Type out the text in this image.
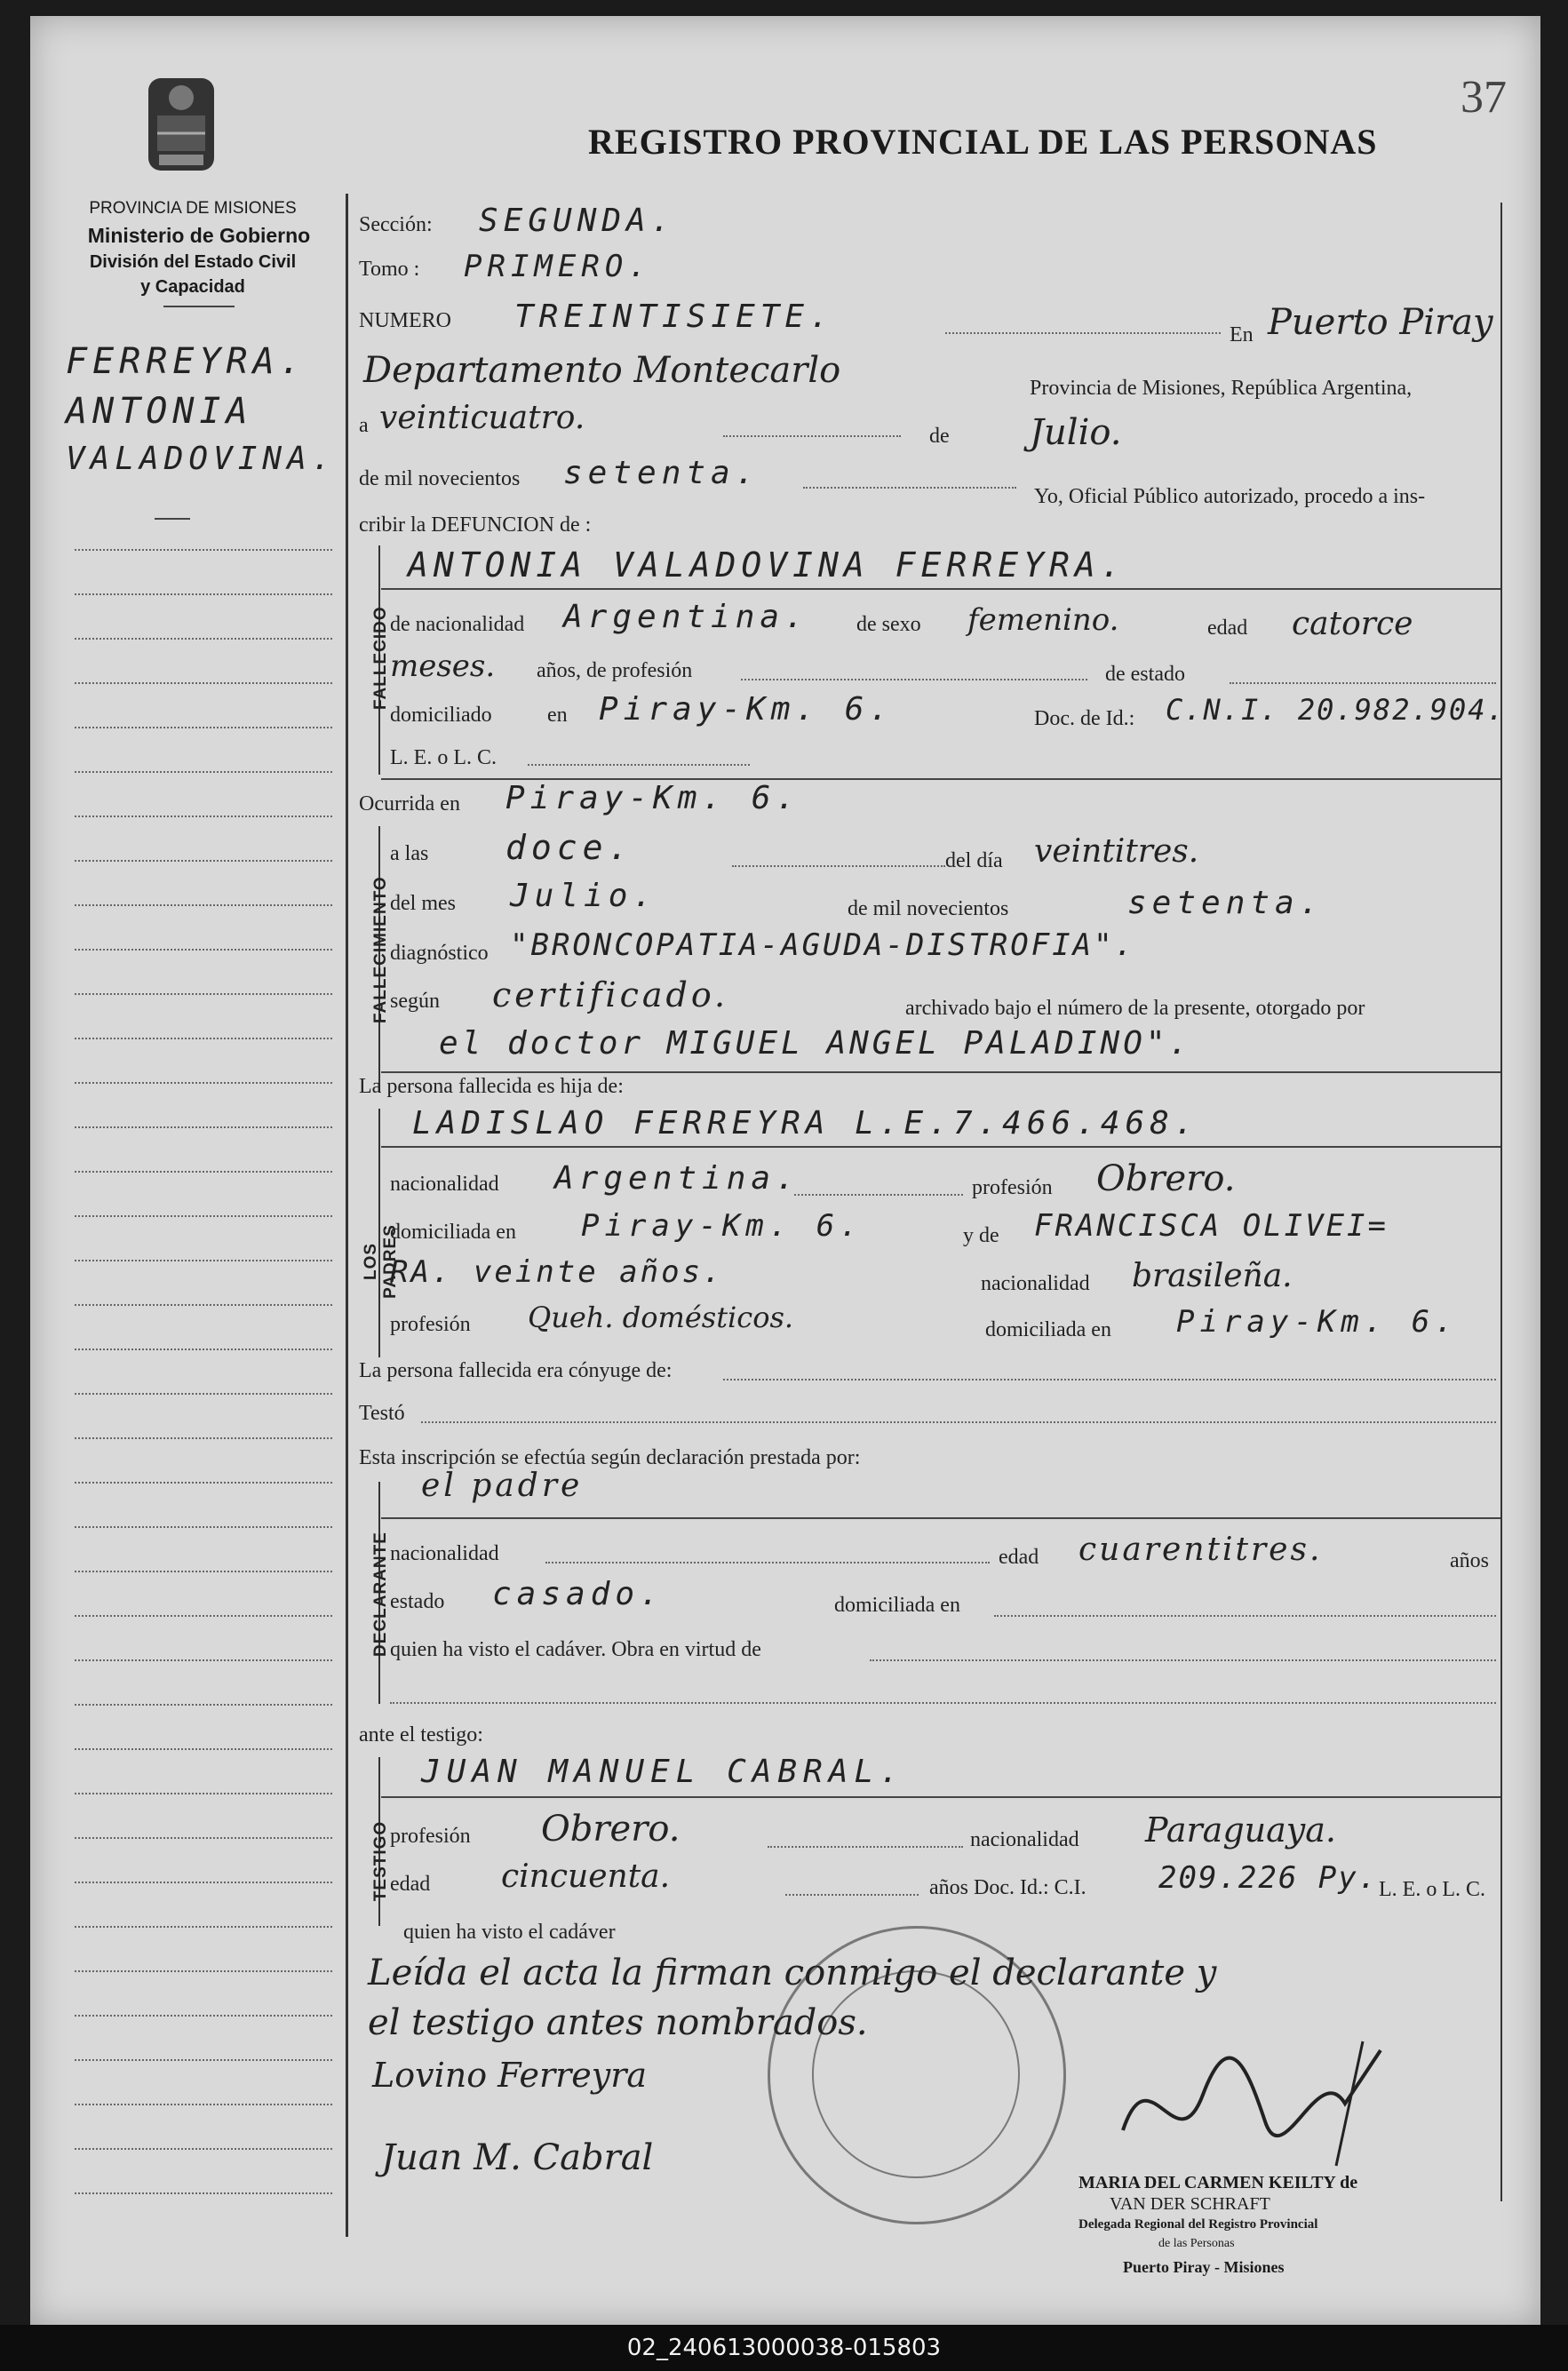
37
REGISTRO PROVINCIAL DE LAS PERSONAS
PROVINCIA DE MISIONES
Ministerio de Gobierno
División del Estado Civil
y Capacidad
FERREYRA.
ANTONIA
VALADOVINA.
Sección: SEGUNDA.
Tomo : PRIMERO.
NUMERO TREINTISIETE.	En Puerto Piray
Departamento Montecarlo	Provincia de Misiones, República Argentina,
a veinticuatro.	de Julio.
de mil novecientos setenta.
Yo, Oficial Público autorizado, procedo a ins-
cribir la DEFUNCION de :
FALLECIDO
ANTONIA VALADOVINA FERREYRA.
de nacionalidad Argentina. de sexo femenino.	edad catorce
meses. años, de profesión	de estado
domiciliado	en Piray-Km. 6.	Doc. de Id.: C.N.I. 20.982.904.
L. E. o L. C.
Ocurrida en Piray-Km. 6.
FALLECIMIENTO
a las doce.	del día veintitres.
del mes Julio.	de mil novecientos	setenta.
diagnóstico "BRONCOPATIA-AGUDA-DISTROFIA".
según certificado.	archivado bajo el número de la presente, otorgado por
el doctor MIGUEL ANGEL PALADINO".
La persona fallecida es hija de:
LOS PADRES
LADISLAO FERREYRA L.E.7.466.468.
nacionalidad Argentina.	profesión Obrero.
domiciliada en Piray-Km. 6.	y de FRANCISCA OLIVEI=
RA. veinte años.	nacionalidad brasileña.
profesión Queh. domésticos.	domiciliada en Piray-Km. 6.
La persona fallecida era cónyuge de:
Testó
Esta inscripción se efectúa según declaración prestada por:
DECLARANTE
el padre
nacionalidad	edad cuarentitres.	años
estado casado.	domiciliada en
quien ha visto el cadáver. Obra en virtud de
ante el testigo:
TESTIGO
JUAN MANUEL CABRAL.
profesión Obrero.	nacionalidad Paraguaya.
edad cincuenta.	años Doc. Id.: C.I. 209.226 Py. L. E. o L. C.
quien ha visto el cadáver
Leída el acta la firman conmigo el declarante y
el testigo antes nombrados.
Lovino Ferreyra
Juan M. Cabral
MARIA DEL CARMEN KEILTY de
VAN DER SCHRAFT
Delegada Regional del Registro Provincial
de las Personas
Puerto Piray - Misiones
02_240613000038-015803
